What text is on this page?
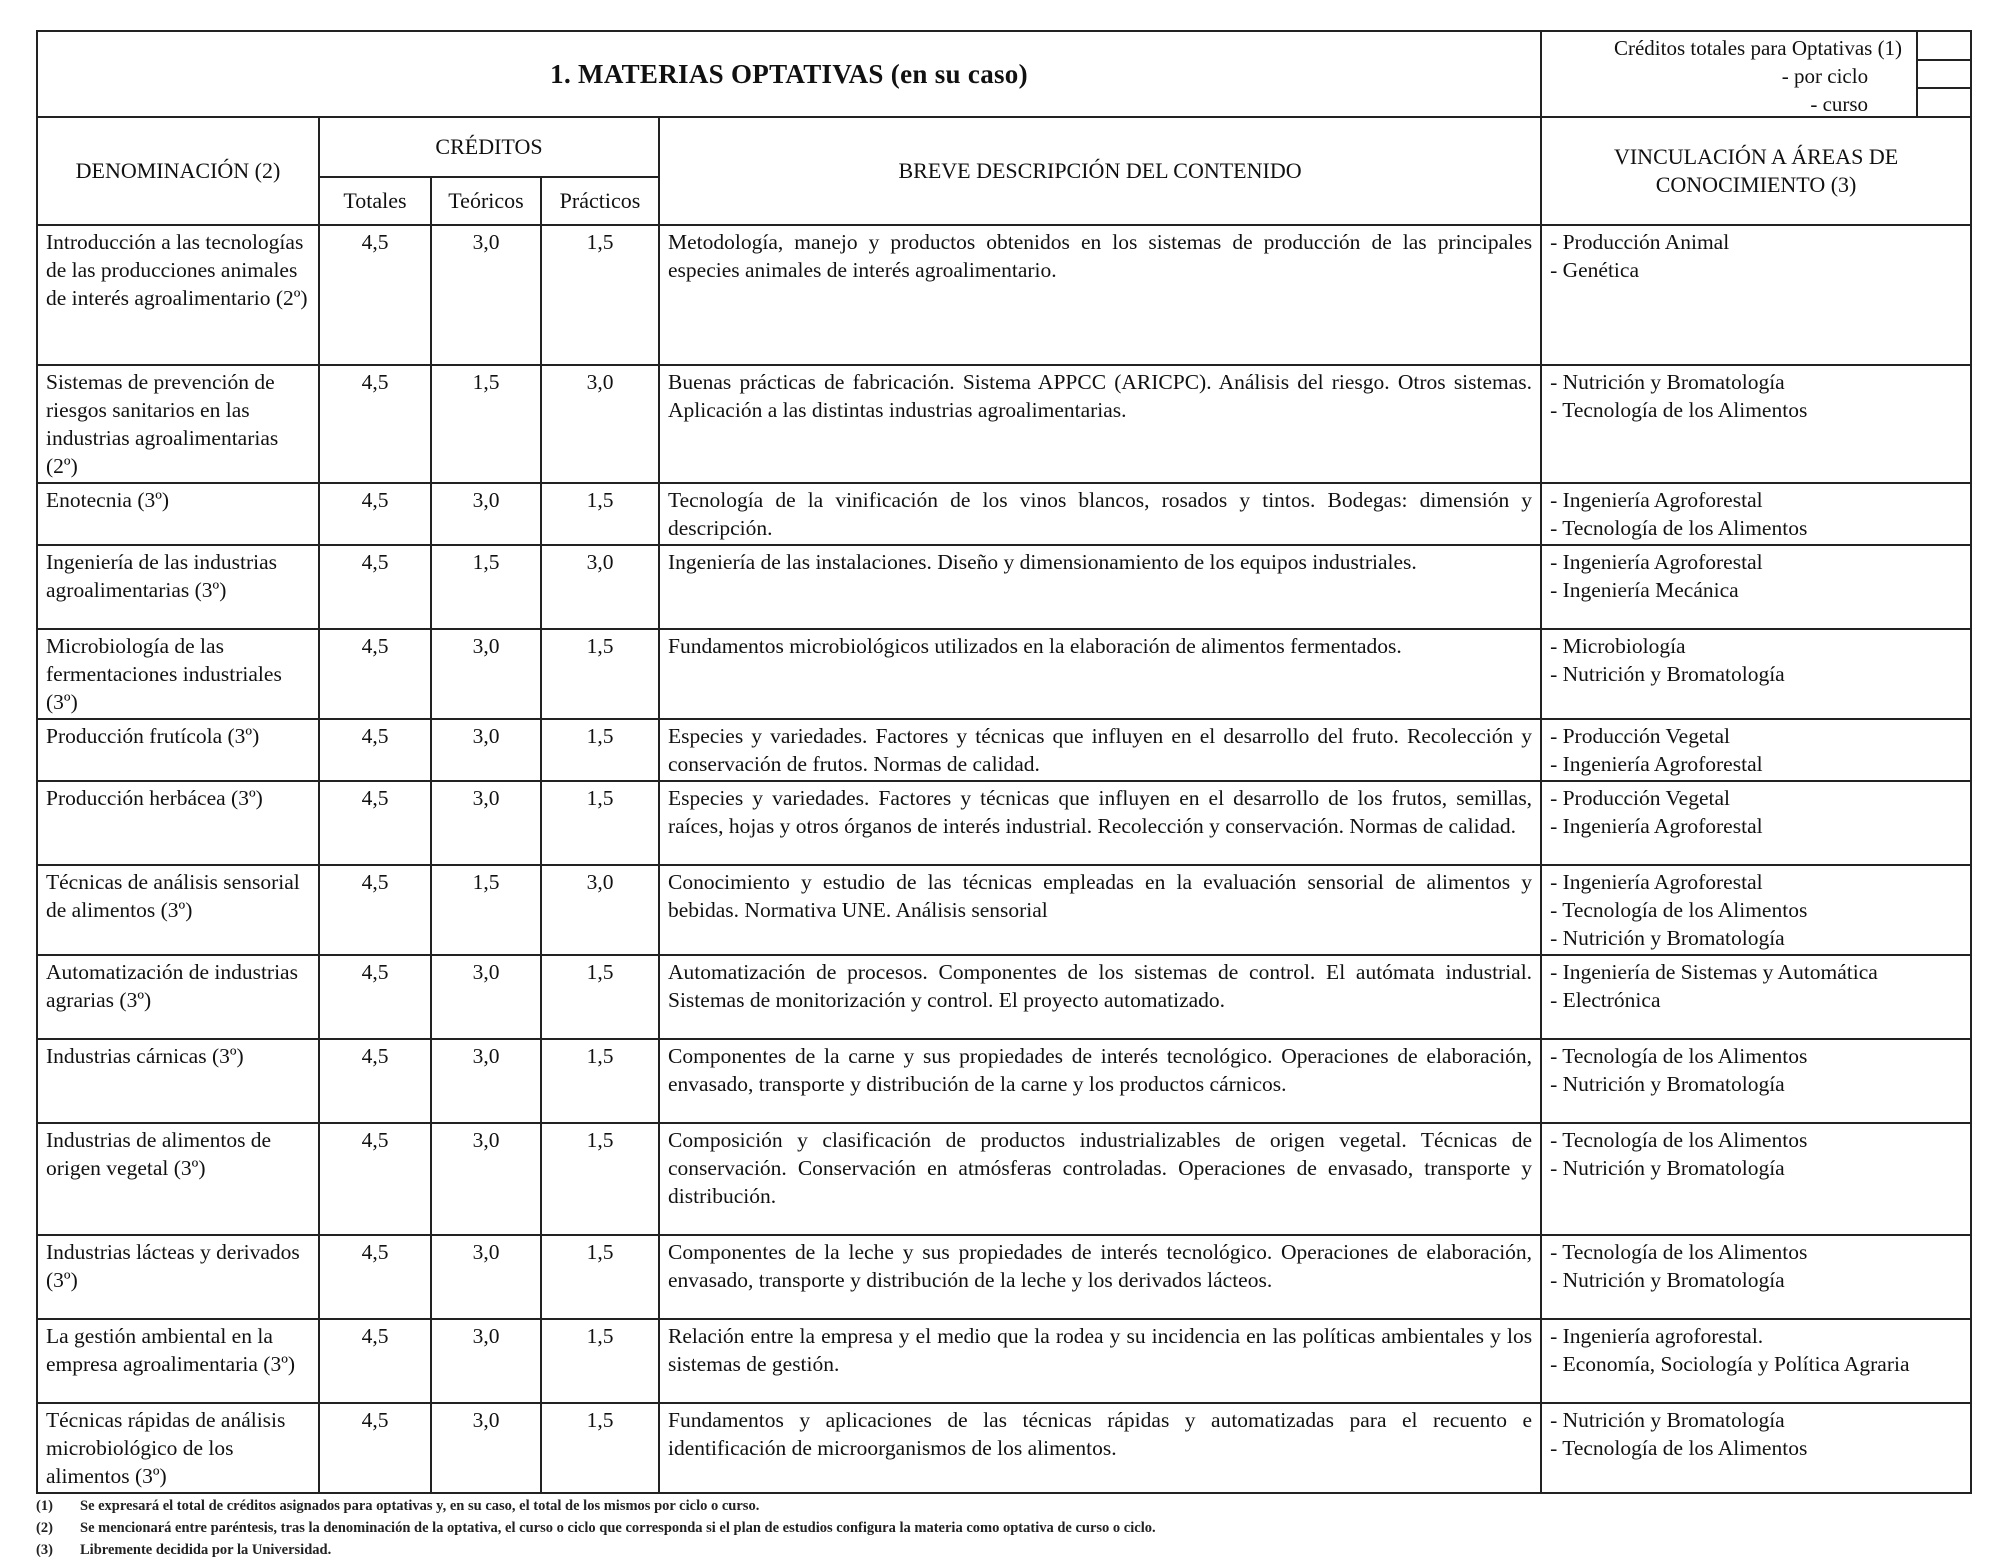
1. MATERIAS OPTATIVAS (en su caso)					Créditos totales para Optativas (1)
- por ciclo
- curso

DENOMINACIÓN (2)	CRÉDITOS			BREVE DESCRIPCIÓN DEL CONTENIDO	VINCULACIÓN A ÁREAS DE CONOCIMIENTO (3)
	Totales	Teóricos	Prácticos		
Introducción a las tecnologías de las producciones animales de interés agroalimentario (2º)	4,5	3,0	1,5	Metodología, manejo y productos obtenidos en los sistemas de producción de las principales especies animales de interés agroalimentario.	- Producción Animal
- Genética

Sistemas de prevención de riesgos sanitarios en las industrias agroalimentarias (2º)	4,5	1,5	3,0	Buenas prácticas de fabricación. Sistema APPCC (ARICPC). Análisis del riesgo. Otros sistemas. Aplicación a las distintas industrias agroalimentarias.	- Nutrición y Bromatología
- Tecnología de los Alimentos

Enotecnia (3º)	4,5	3,0	1,5	Tecnología de la vinificación de los vinos blancos, rosados y tintos. Bodegas: dimensión y descripción.	- Ingeniería Agroforestal
- Tecnología de los Alimentos

Ingeniería de las industrias agroalimentarias (3º)	4,5	1,5	3,0	Ingeniería de las instalaciones. Diseño y dimensionamiento de los equipos industriales.	- Ingeniería Agroforestal
- Ingeniería Mecánica

Microbiología de las fermentaciones industriales (3º)	4,5	3,0	1,5	Fundamentos microbiológicos utilizados en la elaboración de alimentos fermentados.	- Microbiología
- Nutrición y Bromatología

Producción frutícola (3º)	4,5	3,0	1,5	Especies y variedades. Factores y técnicas que influyen en el desarrollo del fruto. Recolección y conservación de frutos. Normas de calidad.	- Producción Vegetal
- Ingeniería Agroforestal

Producción herbácea (3º)	4,5	3,0	1,5	Especies y variedades. Factores y técnicas que influyen en el desarrollo de los frutos, semillas, raíces, hojas y otros órganos de interés industrial. Recolección y conservación. Normas de calidad.	- Producción Vegetal
- Ingeniería Agroforestal

Técnicas de análisis sensorial de alimentos (3º)	4,5	1,5	3,0	Conocimiento y estudio de las técnicas empleadas en la evaluación sensorial de alimentos y bebidas. Normativa UNE. Análisis sensorial	- Ingeniería Agroforestal
- Tecnología de los Alimentos
- Nutrición y Bromatología

Automatización de industrias agrarias (3º)	4,5	3,0	1,5	Automatización de procesos. Componentes de los sistemas de control. El autómata industrial. Sistemas de monitorización y control. El proyecto automatizado.	- Ingeniería de Sistemas y Automática
- Electrónica

Industrias cárnicas (3º)	4,5	3,0	1,5	Componentes de la carne y sus propiedades de interés tecnológico. Operaciones de elaboración, envasado, transporte y distribución de la carne y los productos cárnicos.	- Tecnología de los Alimentos
- Nutrición y Bromatología

Industrias de alimentos de origen vegetal (3º)	4,5	3,0	1,5	Composición y clasificación de productos industrializables de origen vegetal. Técnicas de conservación. Conservación en atmósferas controladas. Operaciones de envasado, transporte y distribución.	- Tecnología de los Alimentos
- Nutrición y Bromatología

Industrias lácteas y derivados (3º)	4,5	3,0	1,5	Componentes de la leche y sus propiedades de interés tecnológico. Operaciones de elaboración, envasado, transporte y distribución de la leche y los derivados lácteos.	- Tecnología de los Alimentos
- Nutrición y Bromatología

La gestión ambiental en la empresa agroalimentaria (3º)	4,5	3,0	1,5	Relación entre la empresa y el medio que la rodea y su incidencia en las políticas ambientales y los sistemas de gestión.	- Ingeniería agroforestal.
- Economía, Sociología y Política Agraria

Técnicas rápidas de análisis microbiológico de los alimentos (3º)	4,5	3,0	1,5	Fundamentos y aplicaciones de las técnicas rápidas y automatizadas para el recuento e identificación de microorganismos de los alimentos.	- Nutrición y Bromatología
- Tecnología de los Alimentos
(1)	Se expresará el total de créditos asignados para optativas y, en su caso, el total de los mismos por ciclo o curso.
(2)	Se mencionará entre paréntesis, tras la denominación de la optativa, el curso o ciclo que corresponda si el plan de estudios configura la materia como optativa de curso o ciclo.
(3)	Libremente decidida por la Universidad.
